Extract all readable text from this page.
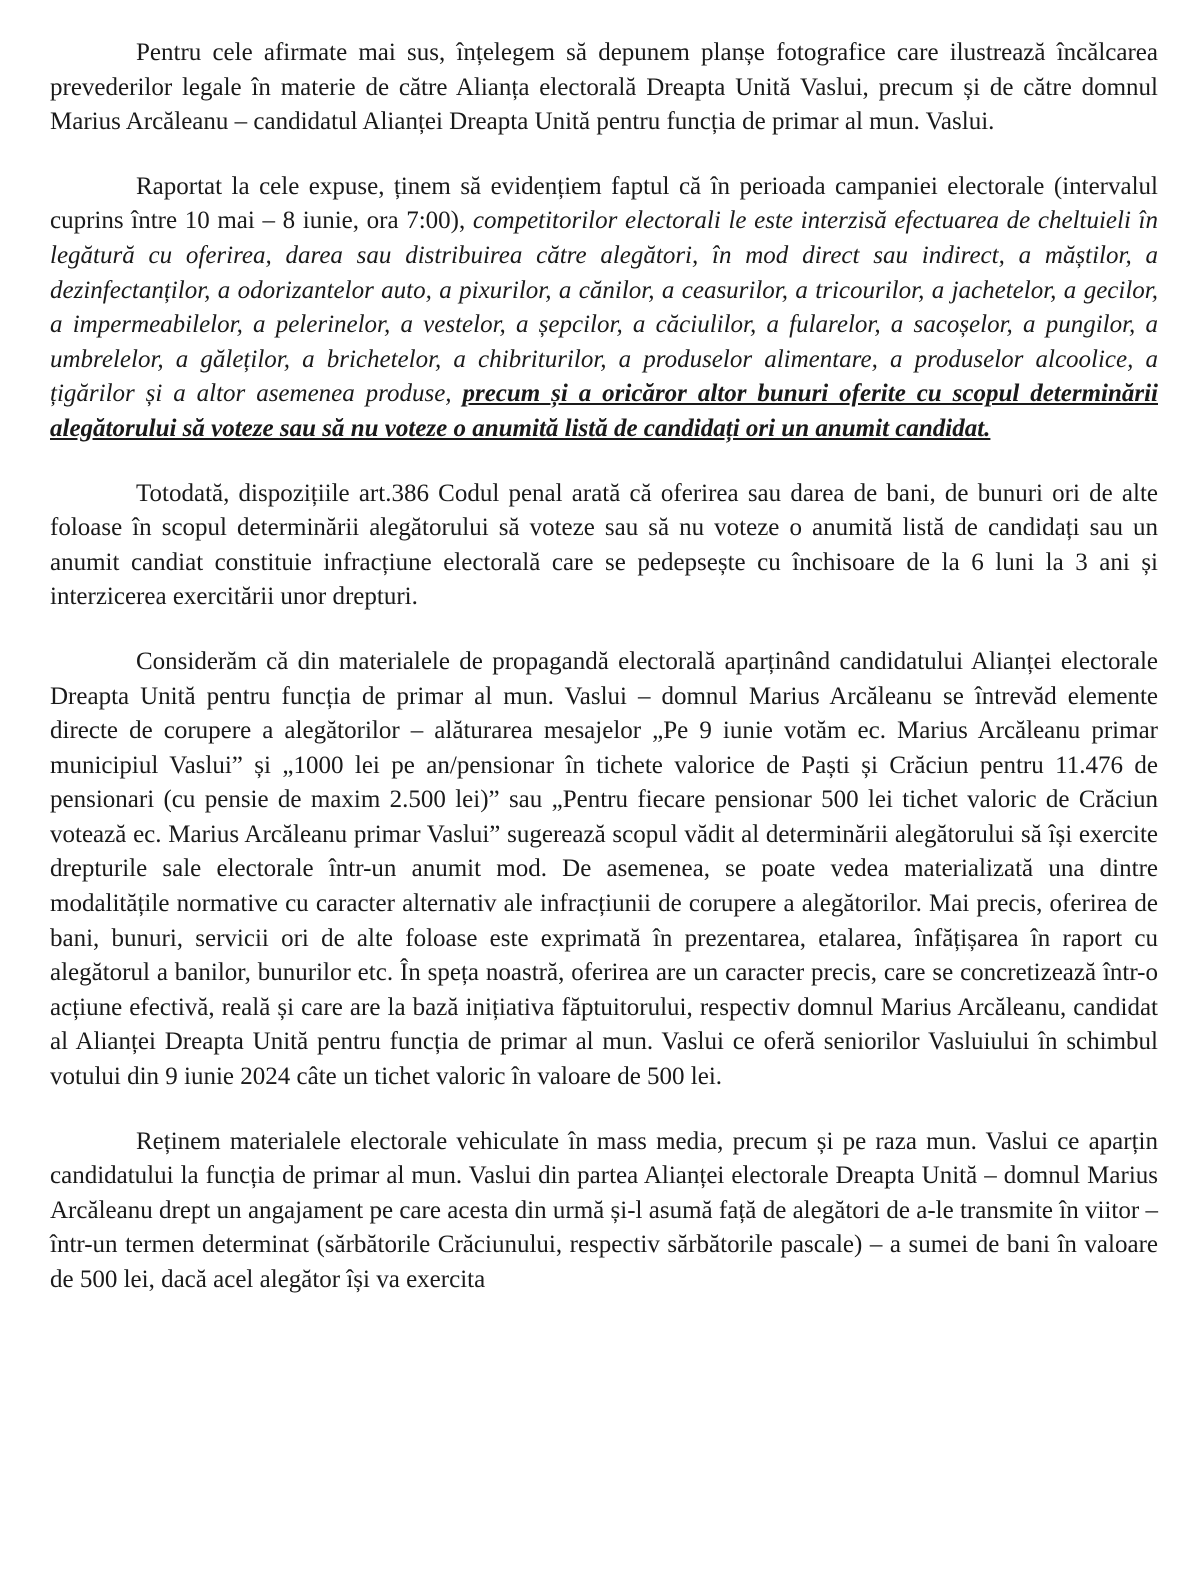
Pentru cele afirmate mai sus, înțelegem să depunem planșe fotografice care ilustrează încălcarea prevederilor legale în materie de către Alianța electorală Dreapta Unită Vaslui, precum și de către domnul Marius Arcăleanu – candidatul Alianței Dreapta Unită pentru funcția de primar al mun. Vaslui.

Raportat la cele expuse, ținem să evidențiem faptul că în perioada campaniei electorale (intervalul cuprins între 10 mai – 8 iunie, ora 7:00), competitorilor electorali le este interzisă efectuarea de cheltuieli în legătură cu oferirea, darea sau distribuirea către alegători, în mod direct sau indirect, a măștilor, a dezinfectanților, a odorizantelor auto, a pixurilor, a cănilor, a ceasurilor, a tricourilor, a jachetelor, a gecilor, a impermeabilelor, a pelerinelor, a vestelor, a șepcilor, a căciulilor, a fularelor, a sacoșelor, a pungilor, a umbrelelor, a găleților, a brichetelor, a chibriturilor, a produselor alimentare, a produselor alcoolice, a țigărilor și a altor asemenea produse, precum și a oricăror altor bunuri oferite cu scopul determinării alegătorului să voteze sau să nu voteze o anumită listă de candidați ori un anumit candidat.

Totodată, dispozițiile art.386 Codul penal arată că oferirea sau darea de bani, de bunuri ori de alte foloase în scopul determinării alegătorului să voteze sau să nu voteze o anumită listă de candidați sau un anumit candiat constituie infracțiune electorală care se pedepsește cu închisoare de la 6 luni la 3 ani și interzicerea exercitării unor drepturi.

Considerăm că din materialele de propagandă electorală aparținând candidatului Alianței electorale Dreapta Unită pentru funcția de primar al mun. Vaslui – domnul Marius Arcăleanu se întrevăd elemente directe de corupere a alegătorilor – alăturarea mesajelor „Pe 9 iunie votăm ec. Marius Arcăleanu primar municipiul Vaslui” și „1000 lei pe an/pensionar în tichete valorice de Paști și Crăciun pentru 11.476 de pensionari (cu pensie de maxim 2.500 lei)” sau „Pentru fiecare pensionar 500 lei tichet valoric de Crăciun votează ec. Marius Arcăleanu primar Vaslui” sugerează scopul vădit al determinării alegătorului să își exercite drepturile sale electorale într-un anumit mod. De asemenea, se poate vedea materializată una dintre modalitățile normative cu caracter alternativ ale infracțiunii de corupere a alegătorilor. Mai precis, oferirea de bani, bunuri, servicii ori de alte foloase este exprimată în prezentarea, etalarea, înfățișarea în raport cu alegătorul a banilor, bunurilor etc. În speța noastră, oferirea are un caracter precis, care se concretizează într-o acțiune efectivă, reală și care are la bază inițiativa făptuitorului, respectiv domnul Marius Arcăleanu, candidat al Alianței Dreapta Unită pentru funcția de primar al mun. Vaslui ce oferă seniorilor Vasluiului în schimbul votului din 9 iunie 2024 câte un tichet valoric în valoare de 500 lei.

Reținem materialele electorale vehiculate în mass media, precum și pe raza mun. Vaslui ce aparțin candidatului la funcția de primar al mun. Vaslui din partea Alianței electorale Dreapta Unită – domnul Marius Arcăleanu drept un angajament pe care acesta din urmă și-l asumă față de alegători de a-le transmite în viitor – într-un termen determinat (sărbătorile Crăciunului, respectiv sărbătorile pascale) – a sumei de bani în valoare de 500 lei, dacă acel alegător își va exercita
